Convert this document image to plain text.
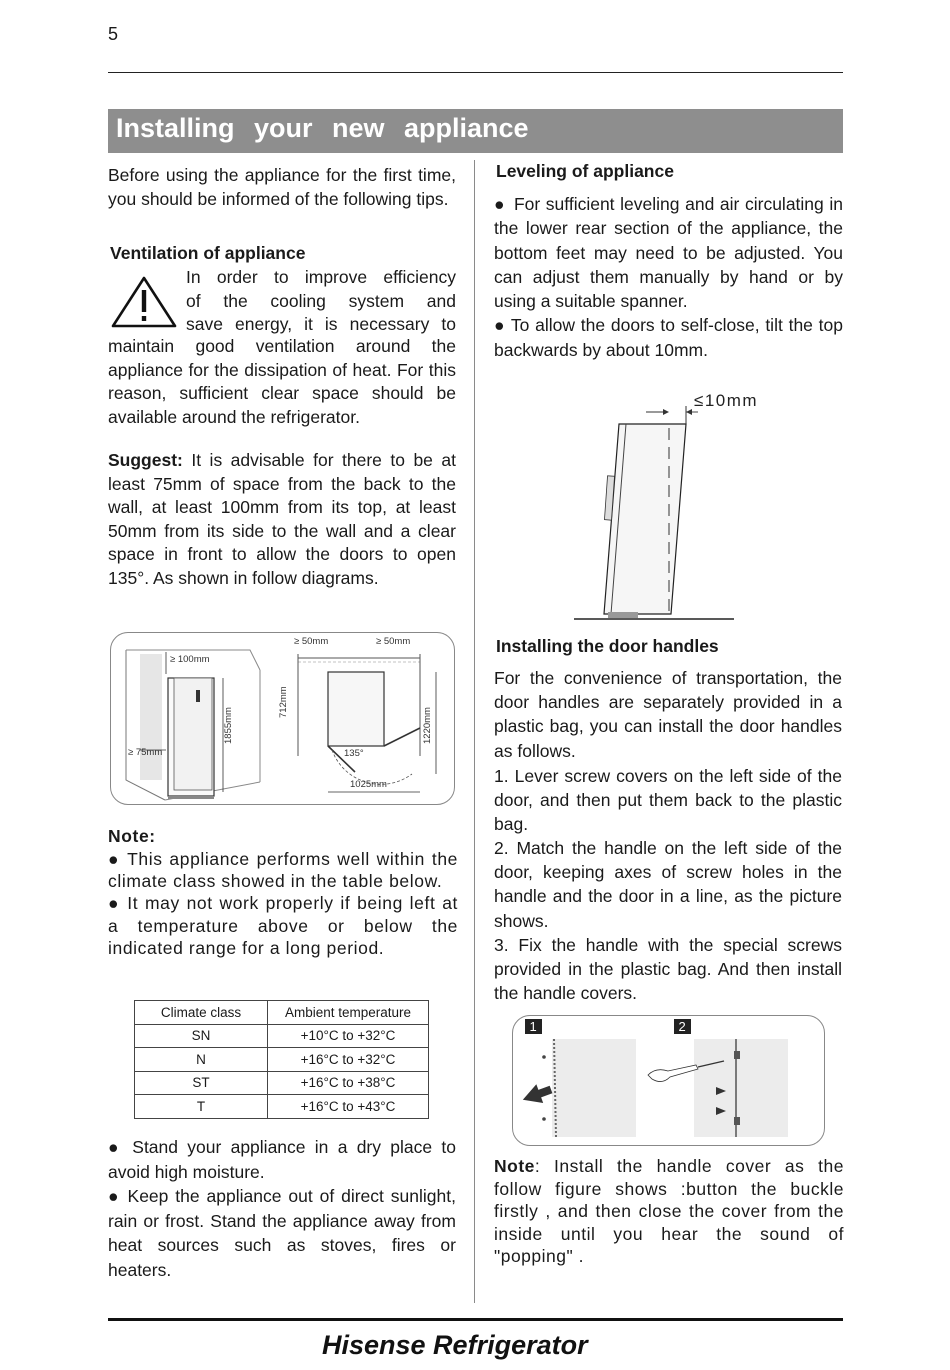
5
Installing your new appliance
Before using the appliance for the first time, you should be informed of the following tips.
Ventilation of appliance

In order to improve efficiency

of the cooling system and

save energy, it is necessary to

maintain good ventilation around the appliance for the dissipation of heat. For this reason, sufficient clear space should be available around the refrigerator.
Suggest: It is advisable for there to be at least 75mm of space from the back to the wall, at least 100mm from its top, at least 50mm from its side to the wall and a clear space in front to allow the doors to open 135°. As shown in follow diagrams.
≥ 100mm
1855mm
≥ 75mm
≥ 50mm	≥ 50mm
712mm
1220mm
135°
1025mm
Note:

● This appliance performs well within the climate class showed in the table below.

● It may not work properly if being left at a temperature above or below the indicated range for a long period.

Climate class	Ambient temperature
SN	+10°C to +32°C
N	+16°C to +32°C
ST	+16°C to +38°C
T	+16°C to +43°C

● Stand your appliance in a dry place to avoid high moisture.

● Keep the appliance out of direct sunlight, rain or frost. Stand the appliance away from heat sources such as stoves, fires or heaters.

Leveling of appliance

● For sufficient leveling and air circulating in the lower rear section of the appliance, the bottom feet may need to be adjusted. You can adjust them manually by hand or by using a suitable spanner.

● To allow the doors to self-close, tilt the top backwards by about 10mm.

≤10mm
Installing the door handles
For the convenience of transportation, the door handles are separately provided in a plastic bag, you can install the door handles as follows.

1. Lever screw covers on the left side of the door, and then put them back to the plastic bag.

2. Match the handle on the left side of the door, keeping axes of screw holes in the handle and the door in a line, as the picture shows.

3. Fix the handle with the special screws provided in the plastic bag. And then install the handle covers.

1	2
Note: Install the handle cover as the follow figure shows :button the buckle firstly , and then close the cover from the inside until you hear the sound of "popping" .
Hisense Refrigerator
